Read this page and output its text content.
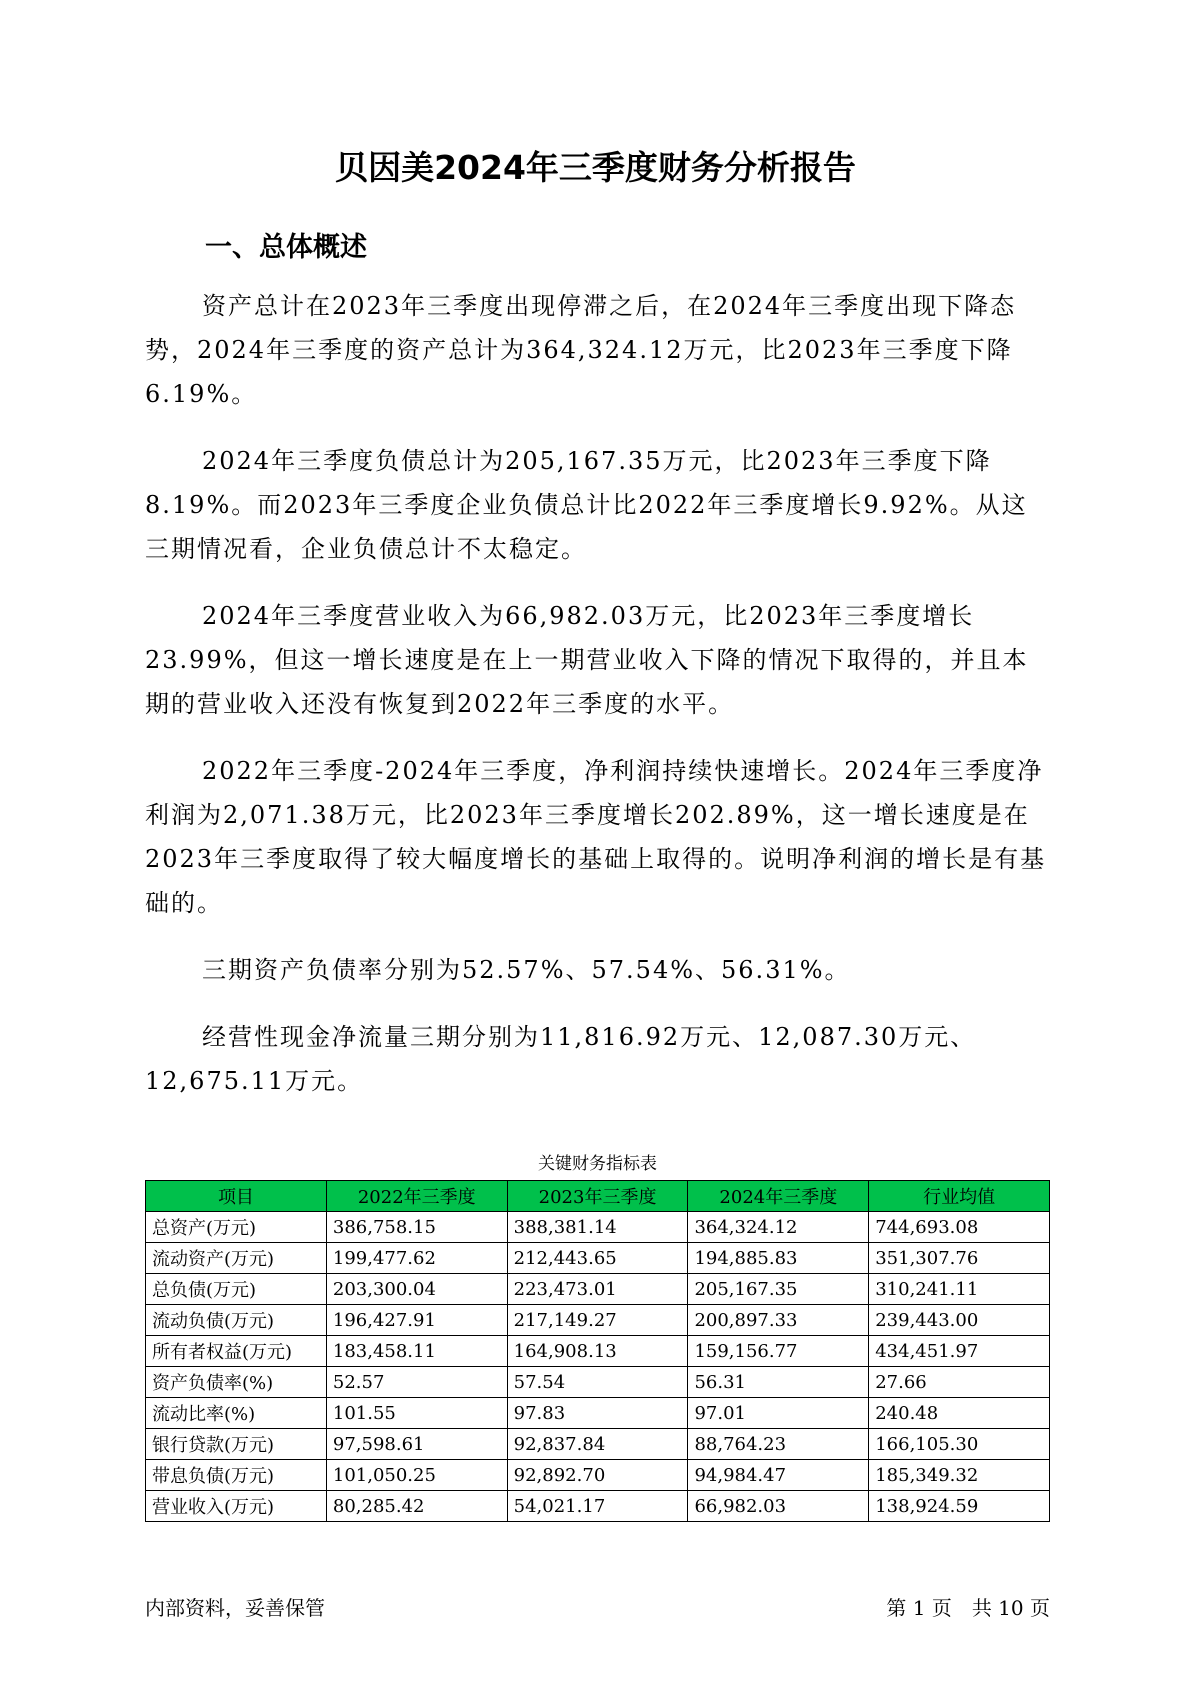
贝因美2024年三季度财务分析报告
一、总体概述

资产总计在2023年三季度出现停滞之后，在2024年三季度出现下降态势，2024年三季度的资产总计为364,324.12万元，比2023年三季度下降6.19%。

2024年三季度负债总计为205,167.35万元，比2023年三季度下降8.19%。而2023年三季度企业负债总计比2022年三季度增长9.92%。从这三期情况看，企业负债总计不太稳定。

2024年三季度营业收入为66,982.03万元，比2023年三季度增长23.99%，但这一增长速度是在上一期营业收入下降的情况下取得的，并且本期的营业收入还没有恢复到2022年三季度的水平。

2022年三季度-2024年三季度，净利润持续快速增长。2024年三季度净利润为2,071.38万元，比2023年三季度增长202.89%，这一增长速度是在2023年三季度取得了较大幅度增长的基础上取得的。说明净利润的增长是有基础的。

三期资产负债率分别为52.57%、57.54%、56.31%。

经营性现金净流量三期分别为11,816.92万元、12,087.30万元、12,675.11万元。

关键财务指标表
项目	2022年三季度	2023年三季度	2024年三季度	行业均值
总资产(万元)	386,758.15	388,381.14	364,324.12	744,693.08
流动资产(万元)	199,477.62	212,443.65	194,885.83	351,307.76
总负债(万元)	203,300.04	223,473.01	205,167.35	310,241.11
流动负债(万元)	196,427.91	217,149.27	200,897.33	239,443.00
所有者权益(万元)	183,458.11	164,908.13	159,156.77	434,451.97
资产负债率(%)	52.57	57.54	56.31	27.66
流动比率(%)	101.55	97.83	97.01	240.48
银行贷款(万元)	97,598.61	92,837.84	88,764.23	166,105.30
带息负债(万元)	101,050.25	92,892.70	94,984.47	185,349.32
营业收入(万元)	80,285.42	54,021.17	66,982.03	138,924.59
内部资料，妥善保管	第 1 页　共 10 页
